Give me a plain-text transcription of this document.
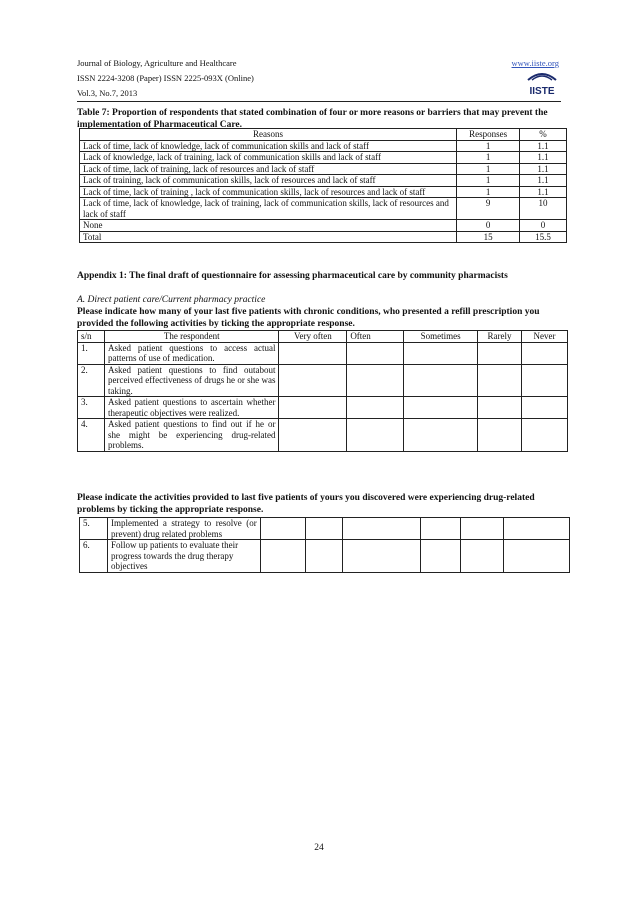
Journal of Biology, Agriculture and Healthcare
ISSN 2224-3208 (Paper) ISSN 2225-093X (Online)
Vol.3, No.7, 2013
www.iiste.org
IISTE
Table 7: Proportion of respondents that stated combination of four or more reasons or barriers that may prevent the implementation of Pharmaceutical Care.
Reasons	Responses	%
Lack of time, lack of knowledge, lack of communication skills and lack of staff	1	1.1
Lack of knowledge, lack of training, lack of communication skills and lack of staff	1	1.1
Lack of time, lack of training, lack of resources and lack of staff	1	1.1
Lack of training, lack of communication skills, lack of resources and lack of staff	1	1.1
Lack of time, lack of training , lack of communication skills, lack of resources and lack of staff	1	1.1
Lack of time, lack of knowledge, lack of training, lack of communication skills, lack of resources and lack of staff	9	10
None	0	0
Total	15	15.5
Appendix 1: The final draft of questionnaire for assessing pharmaceutical care by community pharmacists
A. Direct patient care/Current pharmacy practice
Please indicate how many of your last five patients with chronic conditions, who presented a refill prescription you provided the following activities by ticking the appropriate response.
s/n	The respondent	Very often	Often	Sometimes	Rarely	Never
1.	Asked patient questions to access actual patterns of use of medication.					
2.	Asked patient questions to find outabout perceived effectiveness of drugs he or she was taking.					
3.	Asked patient questions to ascertain whether therapeutic objectives were realized.					
4.	Asked patient questions to find out if he or she might be experiencing drug-related problems.					
Please indicate the activities provided to last five patients of yours you discovered were experiencing drug-related problems by ticking the appropriate response.
5.	Implemented a strategy to resolve (or prevent) drug related problems						
6.	Follow up patients to evaluate their progress towards the drug therapy objectives						
24
